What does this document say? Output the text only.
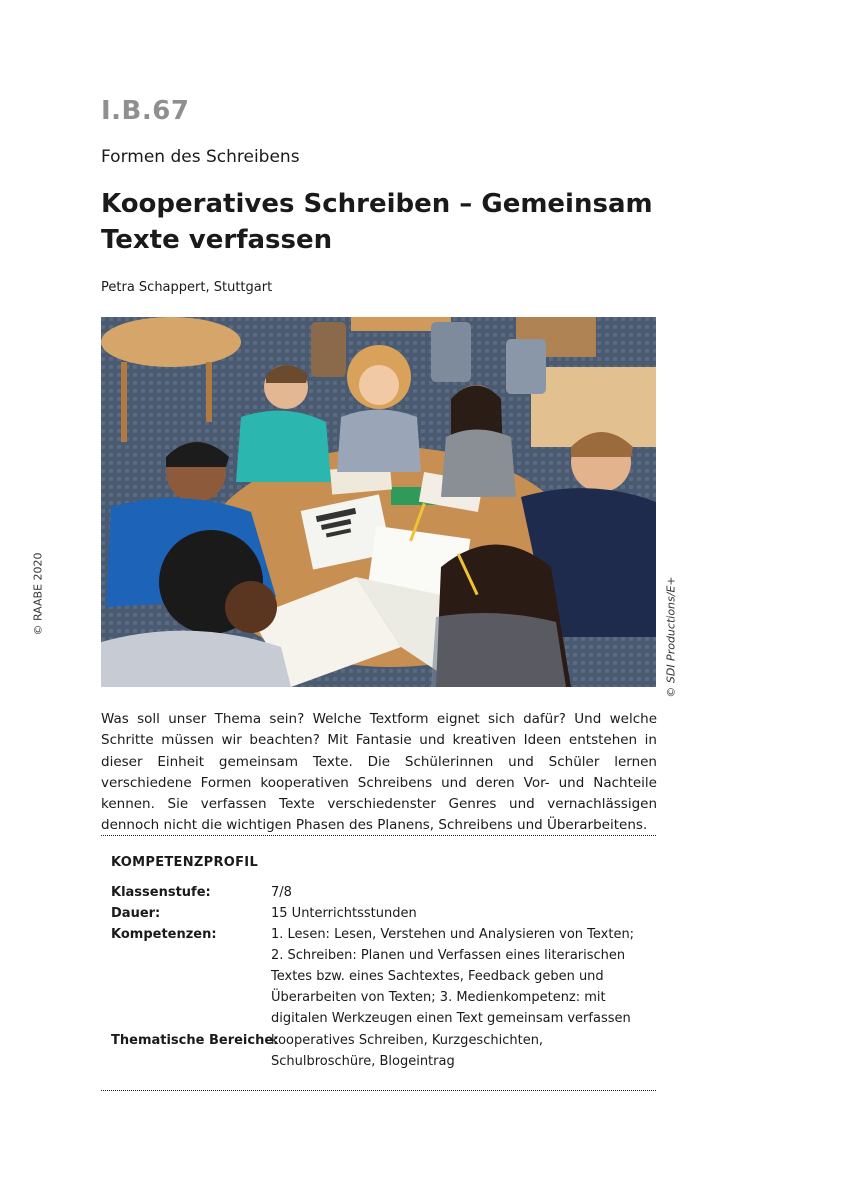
I.B.67
Formen des Schreibens
Kooperatives Schreiben – Gemeinsam Texte verfassen
Petra Schappert, Stuttgart
© RAABE 2020	© SDI Productions/E+

Was soll unser Thema sein? Welche Textform eignet sich dafür? Und welche Schritte müssen wir beachten? Mit Fantasie und kreativen Ideen entstehen in dieser Einheit gemeinsam Texte. Die Schülerinnen und Schüler lernen verschiedene Formen kooperativen Schreibens und deren Vor- und Nachteile kennen. Sie verfassen Texte verschiedenster Genres und vernachlässigen dennoch nicht die wichtigen Phasen des Planens, Schreibens und Überarbeitens.

KOMPETENZPROFIL
Klassenstufe:	7/8
Dauer:	15 Unterrichtsstunden
Kompetenzen:	1. Lesen: Lesen, Verstehen und Analysieren von Texten; 2. Schreiben: Planen und Verfassen eines literarischen Textes bzw. eines Sachtextes, Feedback geben und Überarbeiten von Texten; 3. Medienkompetenz: mit digitalen Werkzeugen einen Text gemeinsam verfassen
Thematische Bereiche:
kooperatives Schreiben, Kurzgeschichten, Schulbroschüre, Blogeintrag
